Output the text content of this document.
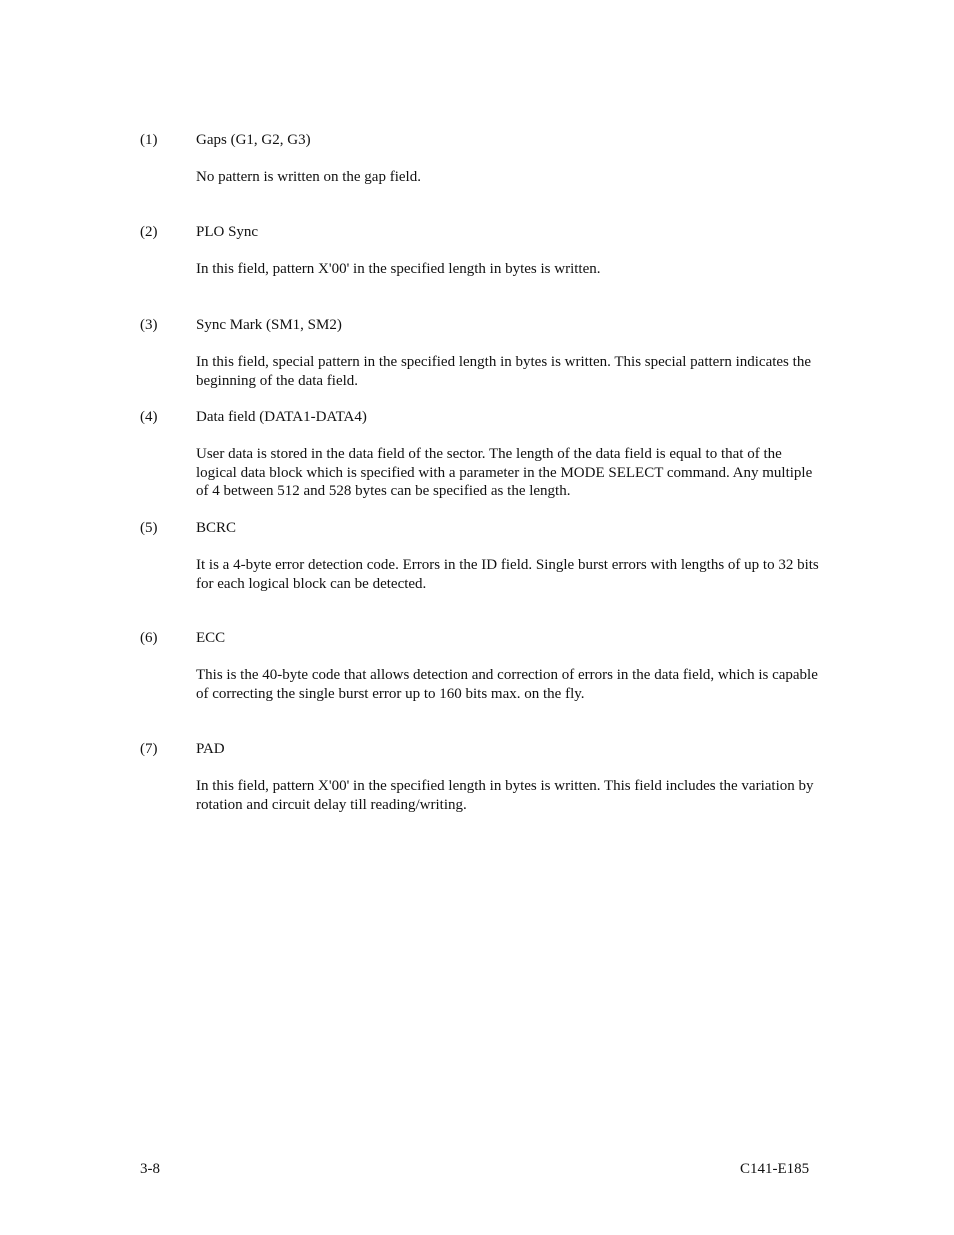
(1)	Gaps (G1, G2, G3)

No pattern is written on the gap field.

(2)	PLO Sync

In this field, pattern X'00' in the specified length in bytes is written.

(3)	Sync Mark (SM1, SM2)

In this field, special pattern in the specified length in bytes is written. This special pattern indicates the beginning of the data field.

(4)	Data field (DATA1-DATA4)

User data is stored in the data field of the sector. The length of the data field is equal to that of the logical data block which is specified with a parameter in the MODE SELECT command. Any multiple of 4 between 512 and 528 bytes can be specified as the length.

(5)	BCRC

It is a 4-byte error detection code. Errors in the ID field. Single burst errors with lengths of up to 32 bits for each logical block can be detected.

(6)	ECC

This is the 40-byte code that allows detection and correction of errors in the data field, which is capable of correcting the single burst error up to 160 bits max. on the fly.

(7)	PAD

In this field, pattern X'00' in the specified length in bytes is written. This field includes the variation by rotation and circuit delay till reading/writing.

3-8	C141-E185
